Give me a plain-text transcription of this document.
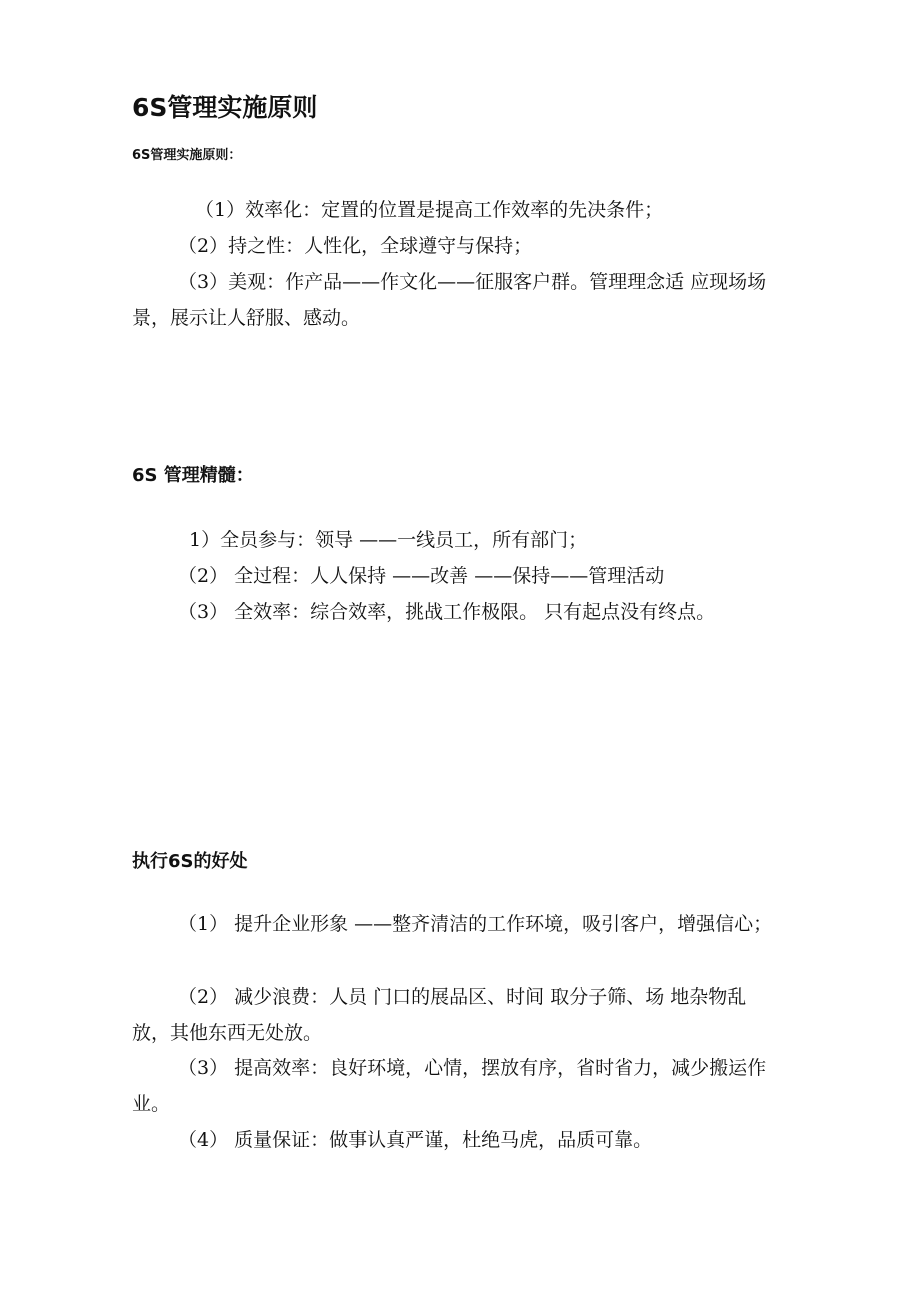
6S管理实施原则
6S管理实施原则：
（1）效率化：定置的位置是提高工作效率的先决条件；
（2）持之性：人性化，全球遵守与保持；
（3）美观：作产品——作文化——征服客户群。管理理念适 应现场场景，展示让人舒服、感动。
6S 管理精髓：
1）全员参与：领导 ——一线员工，所有部门；
（2） 全过程：人人保持 ——改善 ——保持——管理活动
（3） 全效率：综合效率，挑战工作极限。 只有起点没有终点。
执行6S的好处
（1） 提升企业形象 ——整齐清洁的工作环境，吸引客户，增强信心；
（2） 减少浪费：人员 门口的展品区、时间 取分子筛、场 地杂物乱放，其他东西无处放。
（3） 提高效率：良好环境，心情，摆放有序，省时省力，减少搬运作业。
（4） 质量保证：做事认真严谨，杜绝马虎，品质可靠。
